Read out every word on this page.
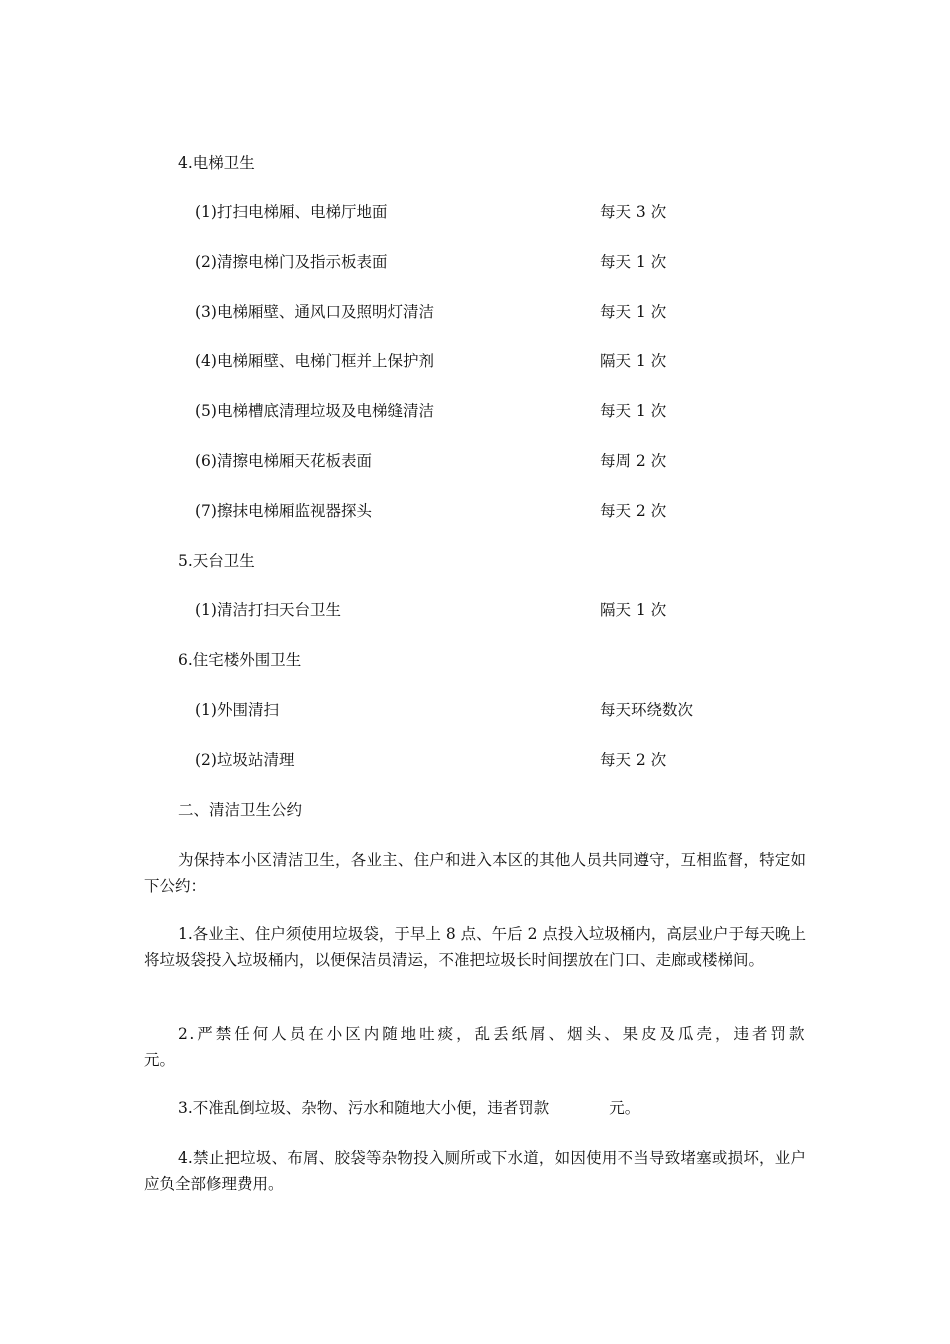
4.电梯卫生
(1)打扫电梯厢、电梯厅地面	每天 3 次
(2)清擦电梯门及指示板表面	每天 1 次
(3)电梯厢壁、通风口及照明灯清洁	每天 1 次
(4)电梯厢壁、电梯门框并上保护剂	隔天 1 次
(5)电梯槽底清理垃圾及电梯缝清洁	每天 1 次
(6)清擦电梯厢天花板表面	每周 2 次
(7)擦抹电梯厢监视器探头	每天 2 次
5.天台卫生
(1)清洁打扫天台卫生	隔天 1 次
6.住宅楼外围卫生
(1)外围清扫	每天环绕数次
(2)垃圾站清理	每天 2 次
二、清洁卫生公约

为保持本小区清洁卫生，各业主、住户和进入本区的其他人员共同遵守，互相监督，特定如下公约：

1.各业主、住户须使用垃圾袋，于早上 8 点、午后 2 点投入垃圾桶内，高层业户于每天晚上将垃圾袋投入垃圾桶内，以便保洁员清运，不准把垃圾长时间摆放在门口、走廊或楼梯间。

2.严禁任何人员在小区内随地吐痰，乱丢纸屑、烟头、果皮及瓜壳，违者罚款

元。

3.不准乱倒垃圾、杂物、污水和随地大小便，违者罚款	元。

4.禁止把垃圾、布屑、胶袋等杂物投入厕所或下水道，如因使用不当导致堵塞或损坏，业户应负全部修理费用。
